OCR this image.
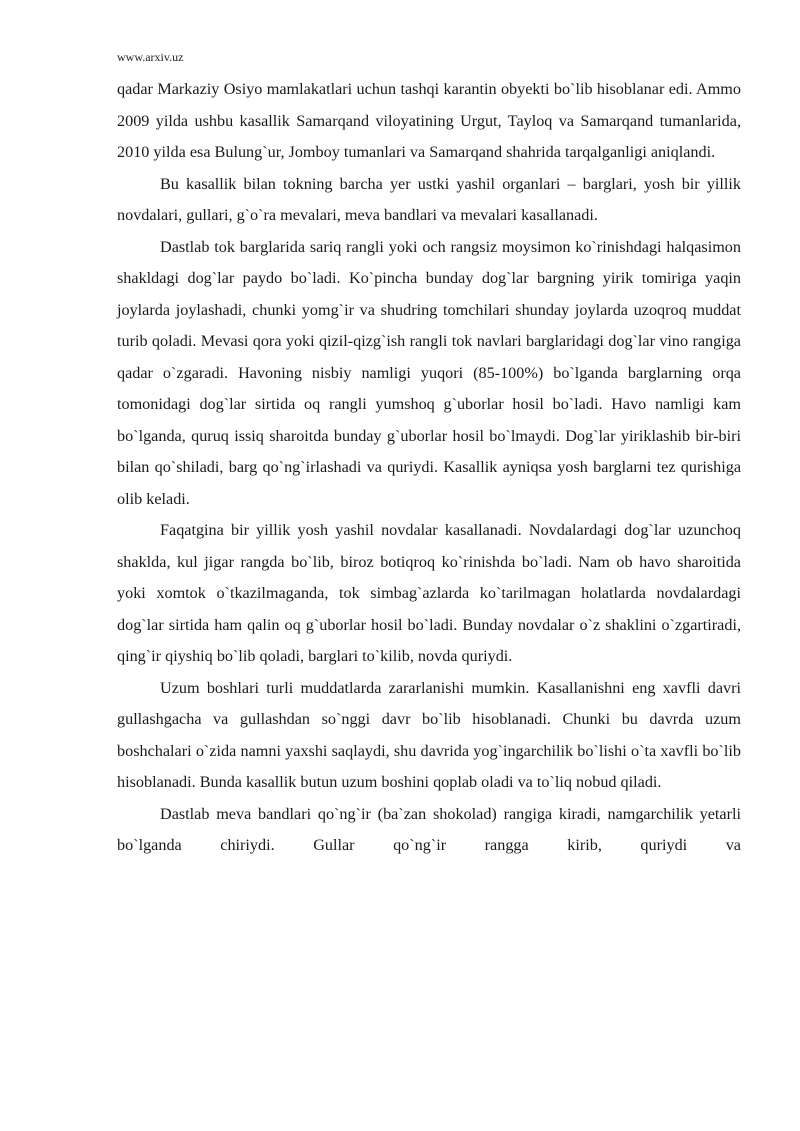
www.arxiv.uz

qadar Markaziy Osiyo mamlakatlari uchun tashqi karantin obyekti bo`lib hisoblanar edi. Ammo 2009 yilda ushbu kasallik Samarqand viloyatining Urgut, Tayloq va Samarqand tumanlarida, 2010 yilda esa Bulung`ur, Jomboy tumanlari va Samarqand shahrida tarqalganligi aniqlandi.

Bu kasallik bilan tokning barcha yer ustki yashil organlari – barglari, yosh bir yillik novdalari, gullari, g`o`ra mevalari, meva bandlari va mevalari kasallanadi.

Dastlab tok barglarida sariq rangli yoki och rangsiz moysimon ko`rinishdagi halqasimon shakldagi dog`lar paydo bo`ladi. Ko`pincha bunday dog`lar bargning yirik tomiriga yaqin joylarda joylashadi, chunki yomg`ir va shudring tomchilari shunday joylarda uzoqroq muddat turib qoladi. Mevasi qora yoki qizil-qizg`ish rangli tok navlari barglaridagi dog`lar vino rangiga qadar o`zgaradi. Havoning nisbiy namligi yuqori (85-100%) bo`lganda barglarning orqa tomonidagi dog`lar sirtida oq rangli yumshoq g`uborlar hosil bo`ladi. Havo namligi kam bo`lganda, quruq issiq sharoitda bunday g`uborlar hosil bo`lmaydi. Dog`lar yiriklashib bir-biri bilan qo`shiladi, barg qo`ng`irlashadi va quriydi. Kasallik ayniqsa yosh barglarni tez qurishiga olib keladi.

Faqatgina bir yillik yosh yashil novdalar kasallanadi. Novdalardagi dog`lar uzunchoq shaklda, kul jigar rangda bo`lib, biroz botiqroq ko`rinishda bo`ladi. Nam ob havo sharoitida yoki xomtok o`tkazilmaganda, tok simbag`azlarda ko`tarilmagan holatlarda novdalardagi dog`lar sirtida ham qalin oq g`uborlar hosil bo`ladi. Bunday novdalar o`z shaklini o`zgartiradi, qing`ir qiyshiq bo`lib qoladi, barglari to`kilib, novda quriydi.

Uzum boshlari turli muddatlarda zararlanishi mumkin. Kasallanishni eng xavfli davri gullashgacha va gullashdan so`nggi davr bo`lib hisoblanadi. Chunki bu davrda uzum boshchalari o`zida namni yaxshi saqlaydi, shu davrida yog`ingarchilik bo`lishi o`ta xavfli bo`lib hisoblanadi. Bunda kasallik butun uzum boshini qoplab oladi va to`liq nobud qiladi.

Dastlab meva bandlari qo`ng`ir (ba`zan shokolad) rangiga kiradi, namgarchilik yetarli bo`lganda chiriydi. Gullar qo`ng`ir rangga kirib, quriydi va
